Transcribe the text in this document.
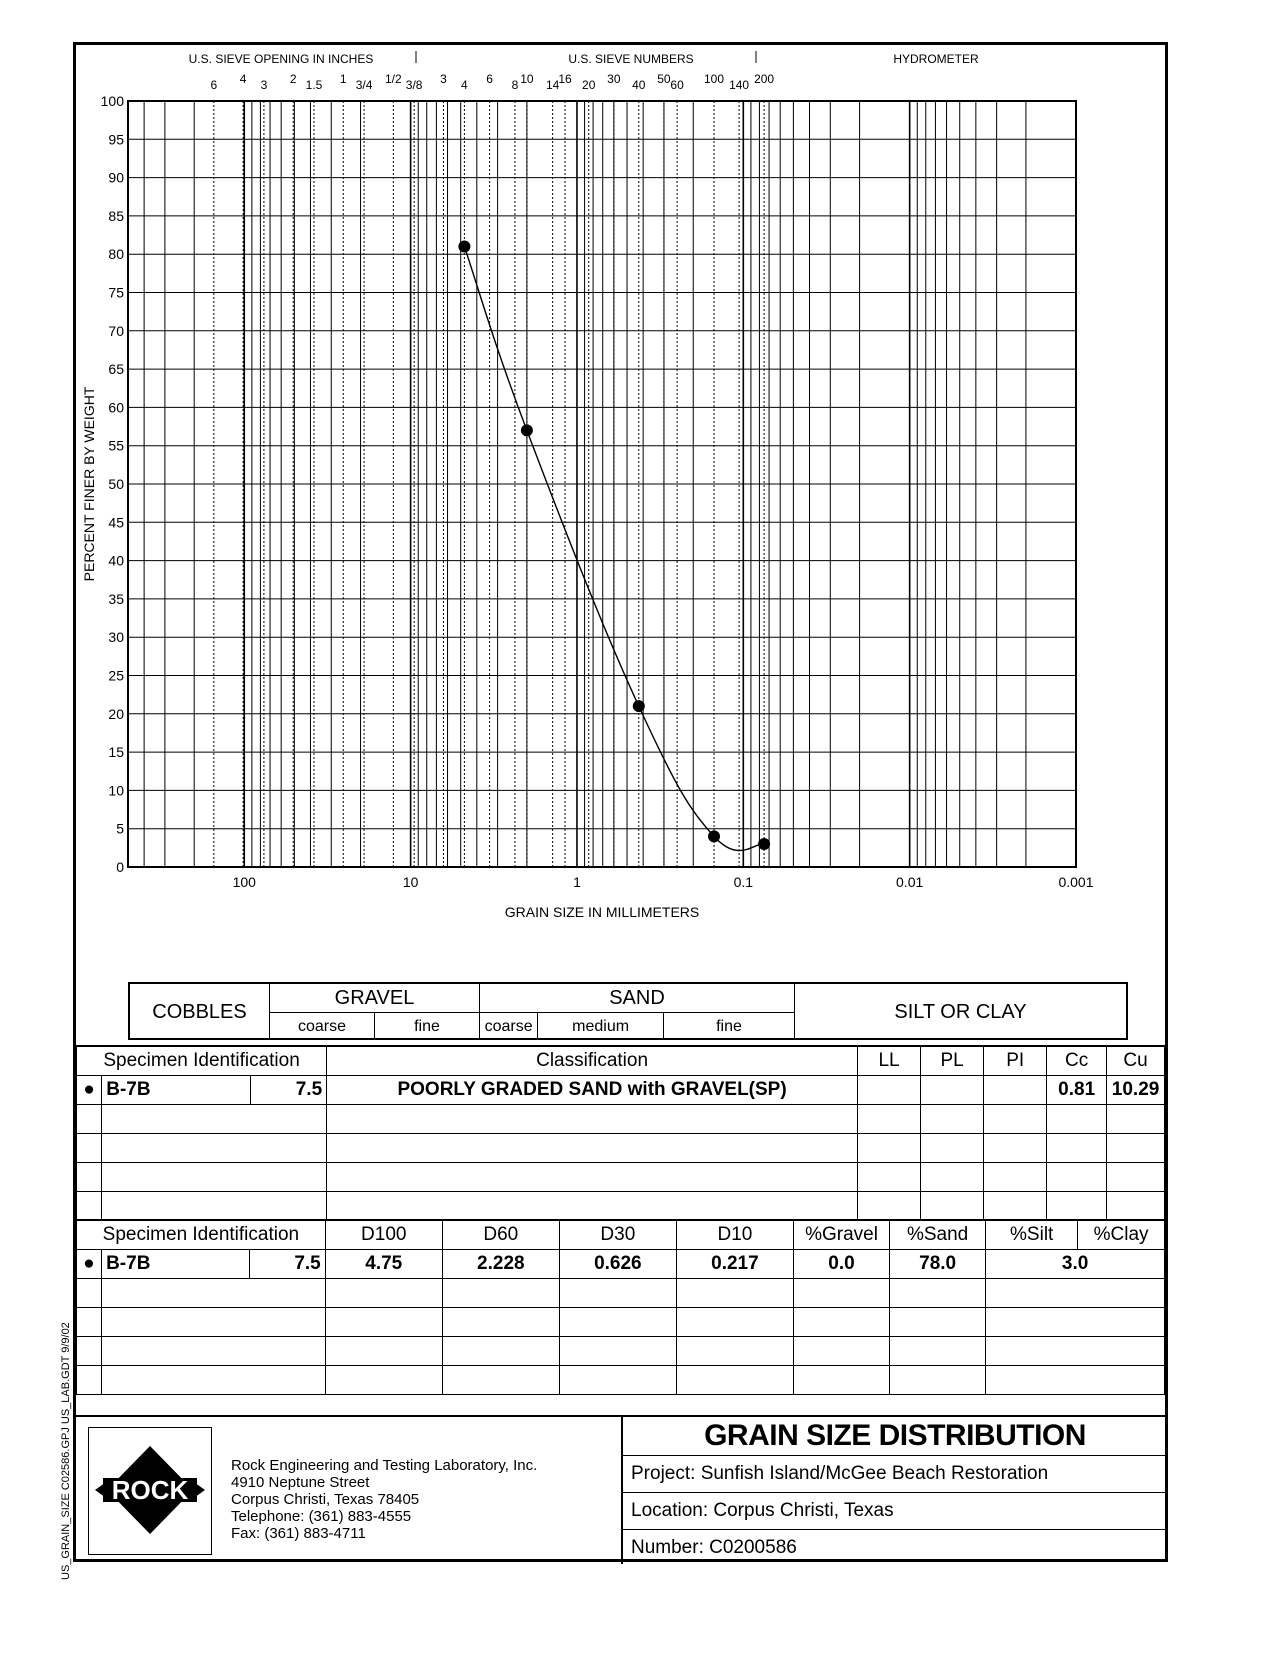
0
5
10
15
20
25
30
35
40
45
50
55
60
65
70
75
80
85
90
95
100
100	10	1	0.1	0.01	0.001
6 4 3 2 1.5 1 3/4 1/2 3/8 3 4 6 8 10 14
16 20 30 40 50 60 100 140 200
U.S. SIEVE OPENING IN INCHES	U.S. SIEVE NUMBERS	HYDROMETER
GRAIN SIZE IN MILLIMETERS
PERCENT FINER BY WEIGHT
COBBLES
GRAVEL
coarse	fine
SAND
coarse	medium	fine
SILT OR CLAY
Specimen Identification			Classification	LL	PL	PI	Cc	Cu
●	B-7B	7.5	POORLY GRADED SAND with GRAVEL(SP)				0.81	10.29

Specimen Identification			D100	D60	D30	D10	%Gravel	%Sand	%Silt	%Clay
●	B-7B	7.5	4.75	2.228	0.626	0.217	0.0	78.0	3.0	

ROCK
Rock Engineering and Testing Laboratory, Inc.
4910 Neptune Street
Corpus Christi, Texas 78405
Telephone: (361) 883-4555
Fax: (361) 883-4711
GRAIN SIZE DISTRIBUTION
Project: Sunfish Island/McGee Beach Restoration
Location: Corpus Christi, Texas
Number: C0200586
US_GRAIN_SIZE C02586.GPJ US_LAB.GDT 9/9/02
